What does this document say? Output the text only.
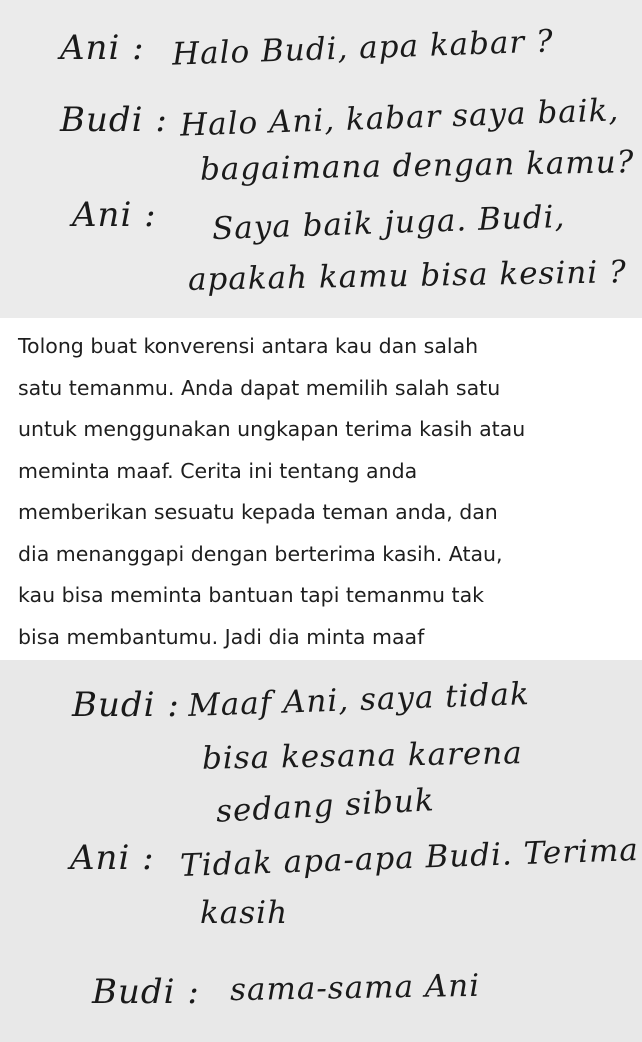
Ani : Halo Budi, apa kabar ?
Budi : Halo Ani, kabar saya baik,
bagaimana dengan kamu?
Ani : Saya baik juga. Budi,
apakah kamu bisa kesini ?
Tolong buat konverensi antara kau dan salah
satu temanmu. Anda dapat memilih salah satu
untuk menggunakan ungkapan terima kasih atau
meminta maaf. Cerita ini tentang anda
memberikan sesuatu kepada teman anda, dan
dia menanggapi dengan berterima kasih. Atau,
kau bisa meminta bantuan tapi temanmu tak
bisa membantumu. Jadi dia minta maaf
Budi : Maaf Ani, saya tidak
bisa kesana karena
sedang sibuk
Ani : Tidak apa-apa Budi. Terima
kasih
Budi : sama-sama Ani
